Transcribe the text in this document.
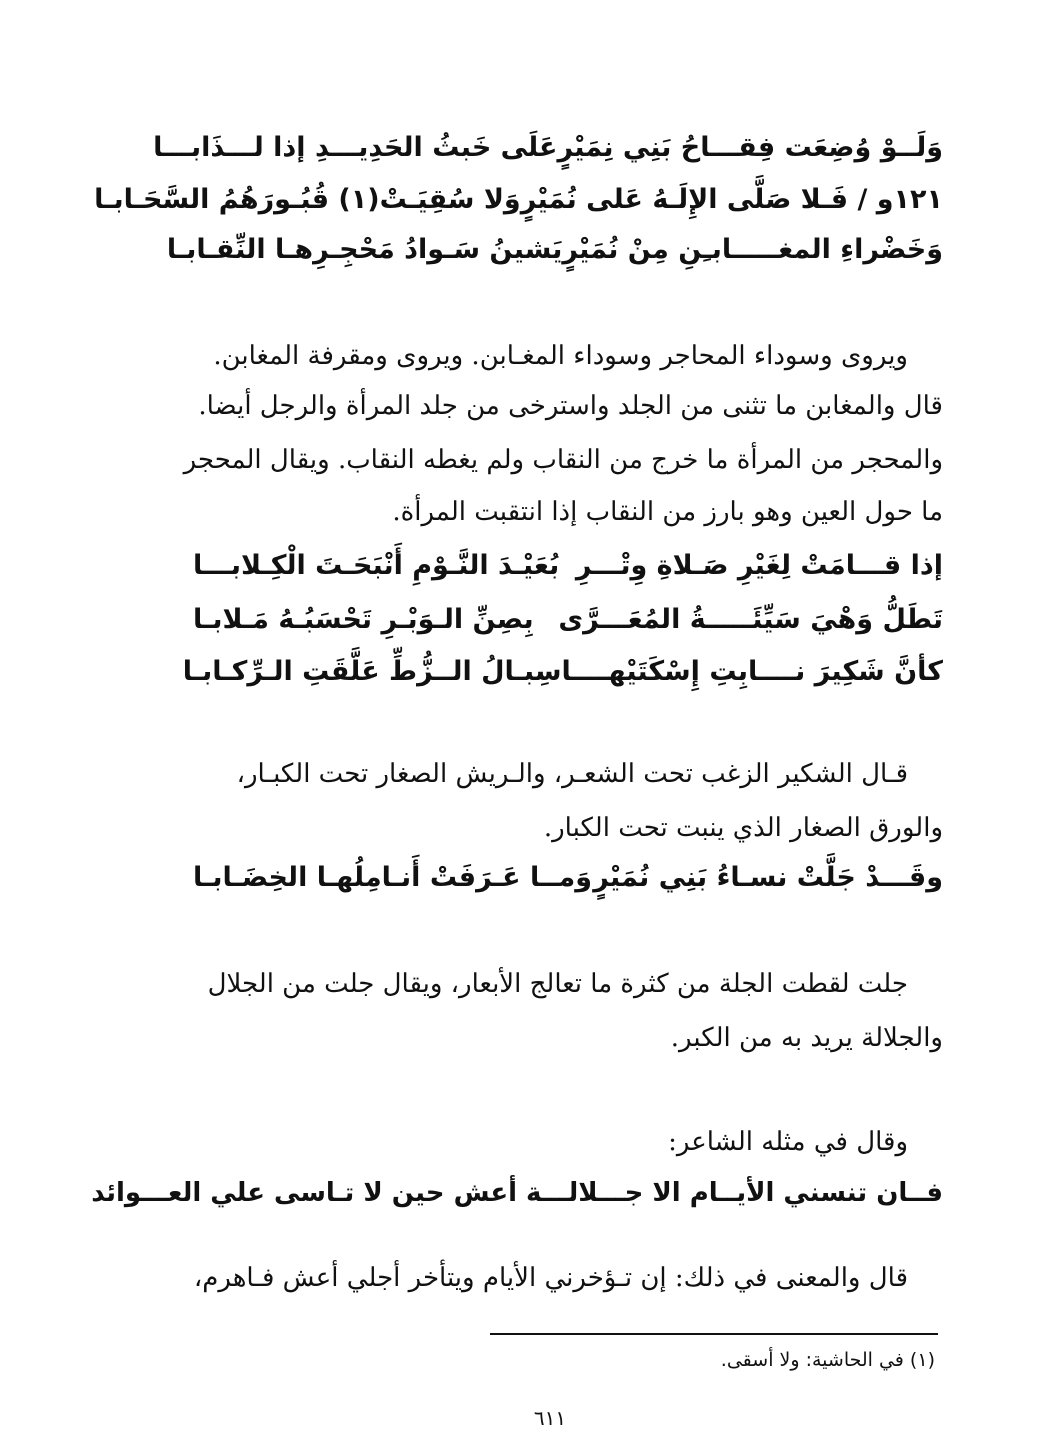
وَلَــوْ وُضِعَت فِقـــاحُ بَنِي نِمَيْرٍ
عَلَى خَبثُ الحَدِيـــدِ إذا لـــذَابـــا
١٢١و / فَـلا صَلَّى الإِلَـهُ عَلى نُمَيْرٍ
وَلا سُقِيَـتْ(١) قُبُـورَهُمُ السَّحَـابـا
وَخَضْراءِ المغـــــابـِنِ مِنْ نُمَيْرٍ
يَشينُ سَـوادُ مَحْجِـرِهـا النِّقـابـا
ويروى وسوداء المحاجر وسوداء المغـابن. ويروى ومقرفة المغابن.
قال والمغابن ما تثنى من الجلد واسترخى من جلد المرأة والرجل أيضا.
والمحجر من المرأة ما خرج من النقاب ولم يغطه النقاب. ويقال المحجر
ما حول العين وهو بارز من النقاب إذا انتقبت المرأة.
إذا قـــامَتْ لِغَيْرِ صَـلاةِ وِتْـــرِ
بُعَيْـدَ النَّـوْمِ أَنْبَحَـتَ الْكِـلابـــا
تَطَلُّ وَهْيَ سَيِّئَـــــةُ المُعَـــرَّى
بِصِنِّ الـوَبْـرِ تَحْسَبُـهُ مَـلابـا
كأنَّ شَكِيرَ نــــابِتِ إِسْكَتَيْهــــا
سِبـالُ الــزُّطِّ عَلَّقَتِ الـرِّكـابـا
قـال الشكير الزغب تحت الشعـر، والـريش الصغار تحت الكبـار،
والورق الصغار الذي ينبت تحت الكبار.
وقَـــدْ جَلَّتْ نسـاءُ بَنِي نُمَيْرٍ
وَمــا عَـرَفَتْ أَنـامِلُهـا الخِضَـابـا
جلت لقطت الجلة من كثرة ما تعالج الأبعار، ويقال جلت من الجلال
والجلالة يريد به من الكبر.
وقال في مثله الشاعر:
فــان تنسني الأيــام الا جـــلالـــة أعش حين لا تـاسى علي العـــوائد
قال والمعنى في ذلك: إن تـؤخرني الأيام ويتأخر أجلي أعش فـاهرم،
(١) في الحاشية: ولا أسقى.
٦١١
